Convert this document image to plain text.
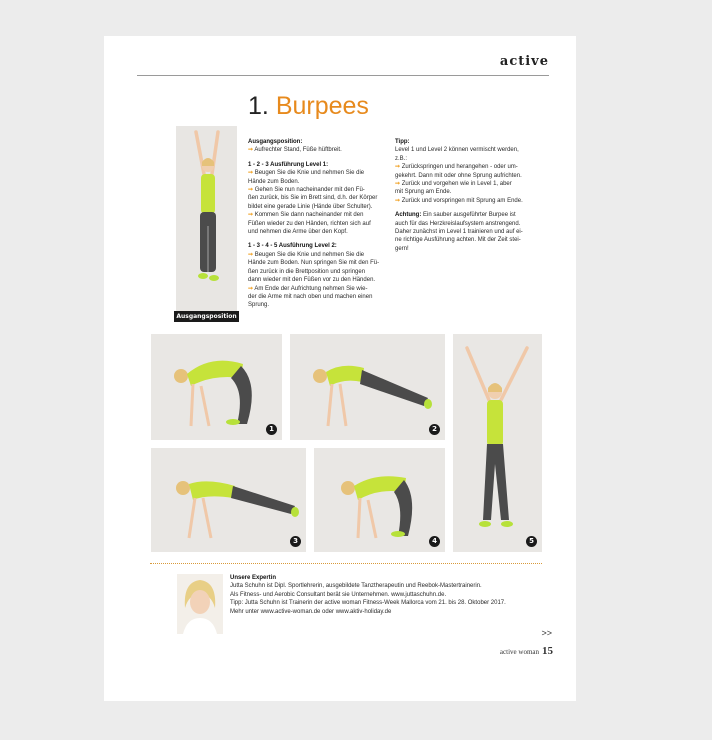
active
1. Burpees
Ausgangsposition

Ausgangsposition:

➞ Aufrechter Stand, Füße hüftbreit.

1 - 2 - 3 Ausführung Level 1:

➞ Beugen Sie die Knie und nehmen Sie die

Hände zum Boden.

➞ Gehen Sie nun nacheinander mit den Fü-

ßen zurück, bis Sie im Brett sind, d.h. der Körper

bildet eine gerade Linie (Hände über Schulter).

➞ Kommen Sie dann nacheinander mit den

Füßen wieder zu den Händen, richten sich auf

und nehmen die Arme über den Kopf.

1 - 3 - 4 - 5 Ausführung Level 2:

➞ Beugen Sie die Knie und nehmen Sie die

Hände zum Boden. Nun springen Sie mit den Fü-

ßen zurück in die Brettposition und springen

dann wieder mit den Füßen vor zu den Händen.

➞ Am Ende der Aufrichtung nehmen Sie wie-

der die Arme mit nach oben und machen einen

Sprung.

Tipp:

Level 1 und Level 2 können vermischt werden,

z.B.:

➞ Zurückspringen und herangehen - oder um-

gekehrt. Dann mit oder ohne Sprung aufrichten.

➞ Zurück und vorgehen wie in Level 1, aber

mit Sprung am Ende.

➞ Zurück und vorspringen mit Sprung am Ende.

Achtung: Ein sauber ausgeführter Burpee ist

auch für das Herzkreislaufsystem anstrengend.

Daher zunächst im Level 1 trainieren und auf ei-

ne richtige Ausführung achten. Mit der Zeit stei-

gern!

1	2
3	4	5

Unsere Expertin

Jutta Schuhn ist Dipl. Sportlehrerin, ausgebildete Tanztherapeutin und Reebok-Mastertrainerin.

Als Fitness- und Aerobic Consultant berät sie Unternehmen. www.juttaschuhn.de.

Tipp: Jutta Schuhn ist Trainerin der active woman Fitness-Week Mallorca vom 21. bis 28. Oktober 2017.

Mehr unter www.active-woman.de oder www.aktiv-holiday.de

>>
active woman 15
